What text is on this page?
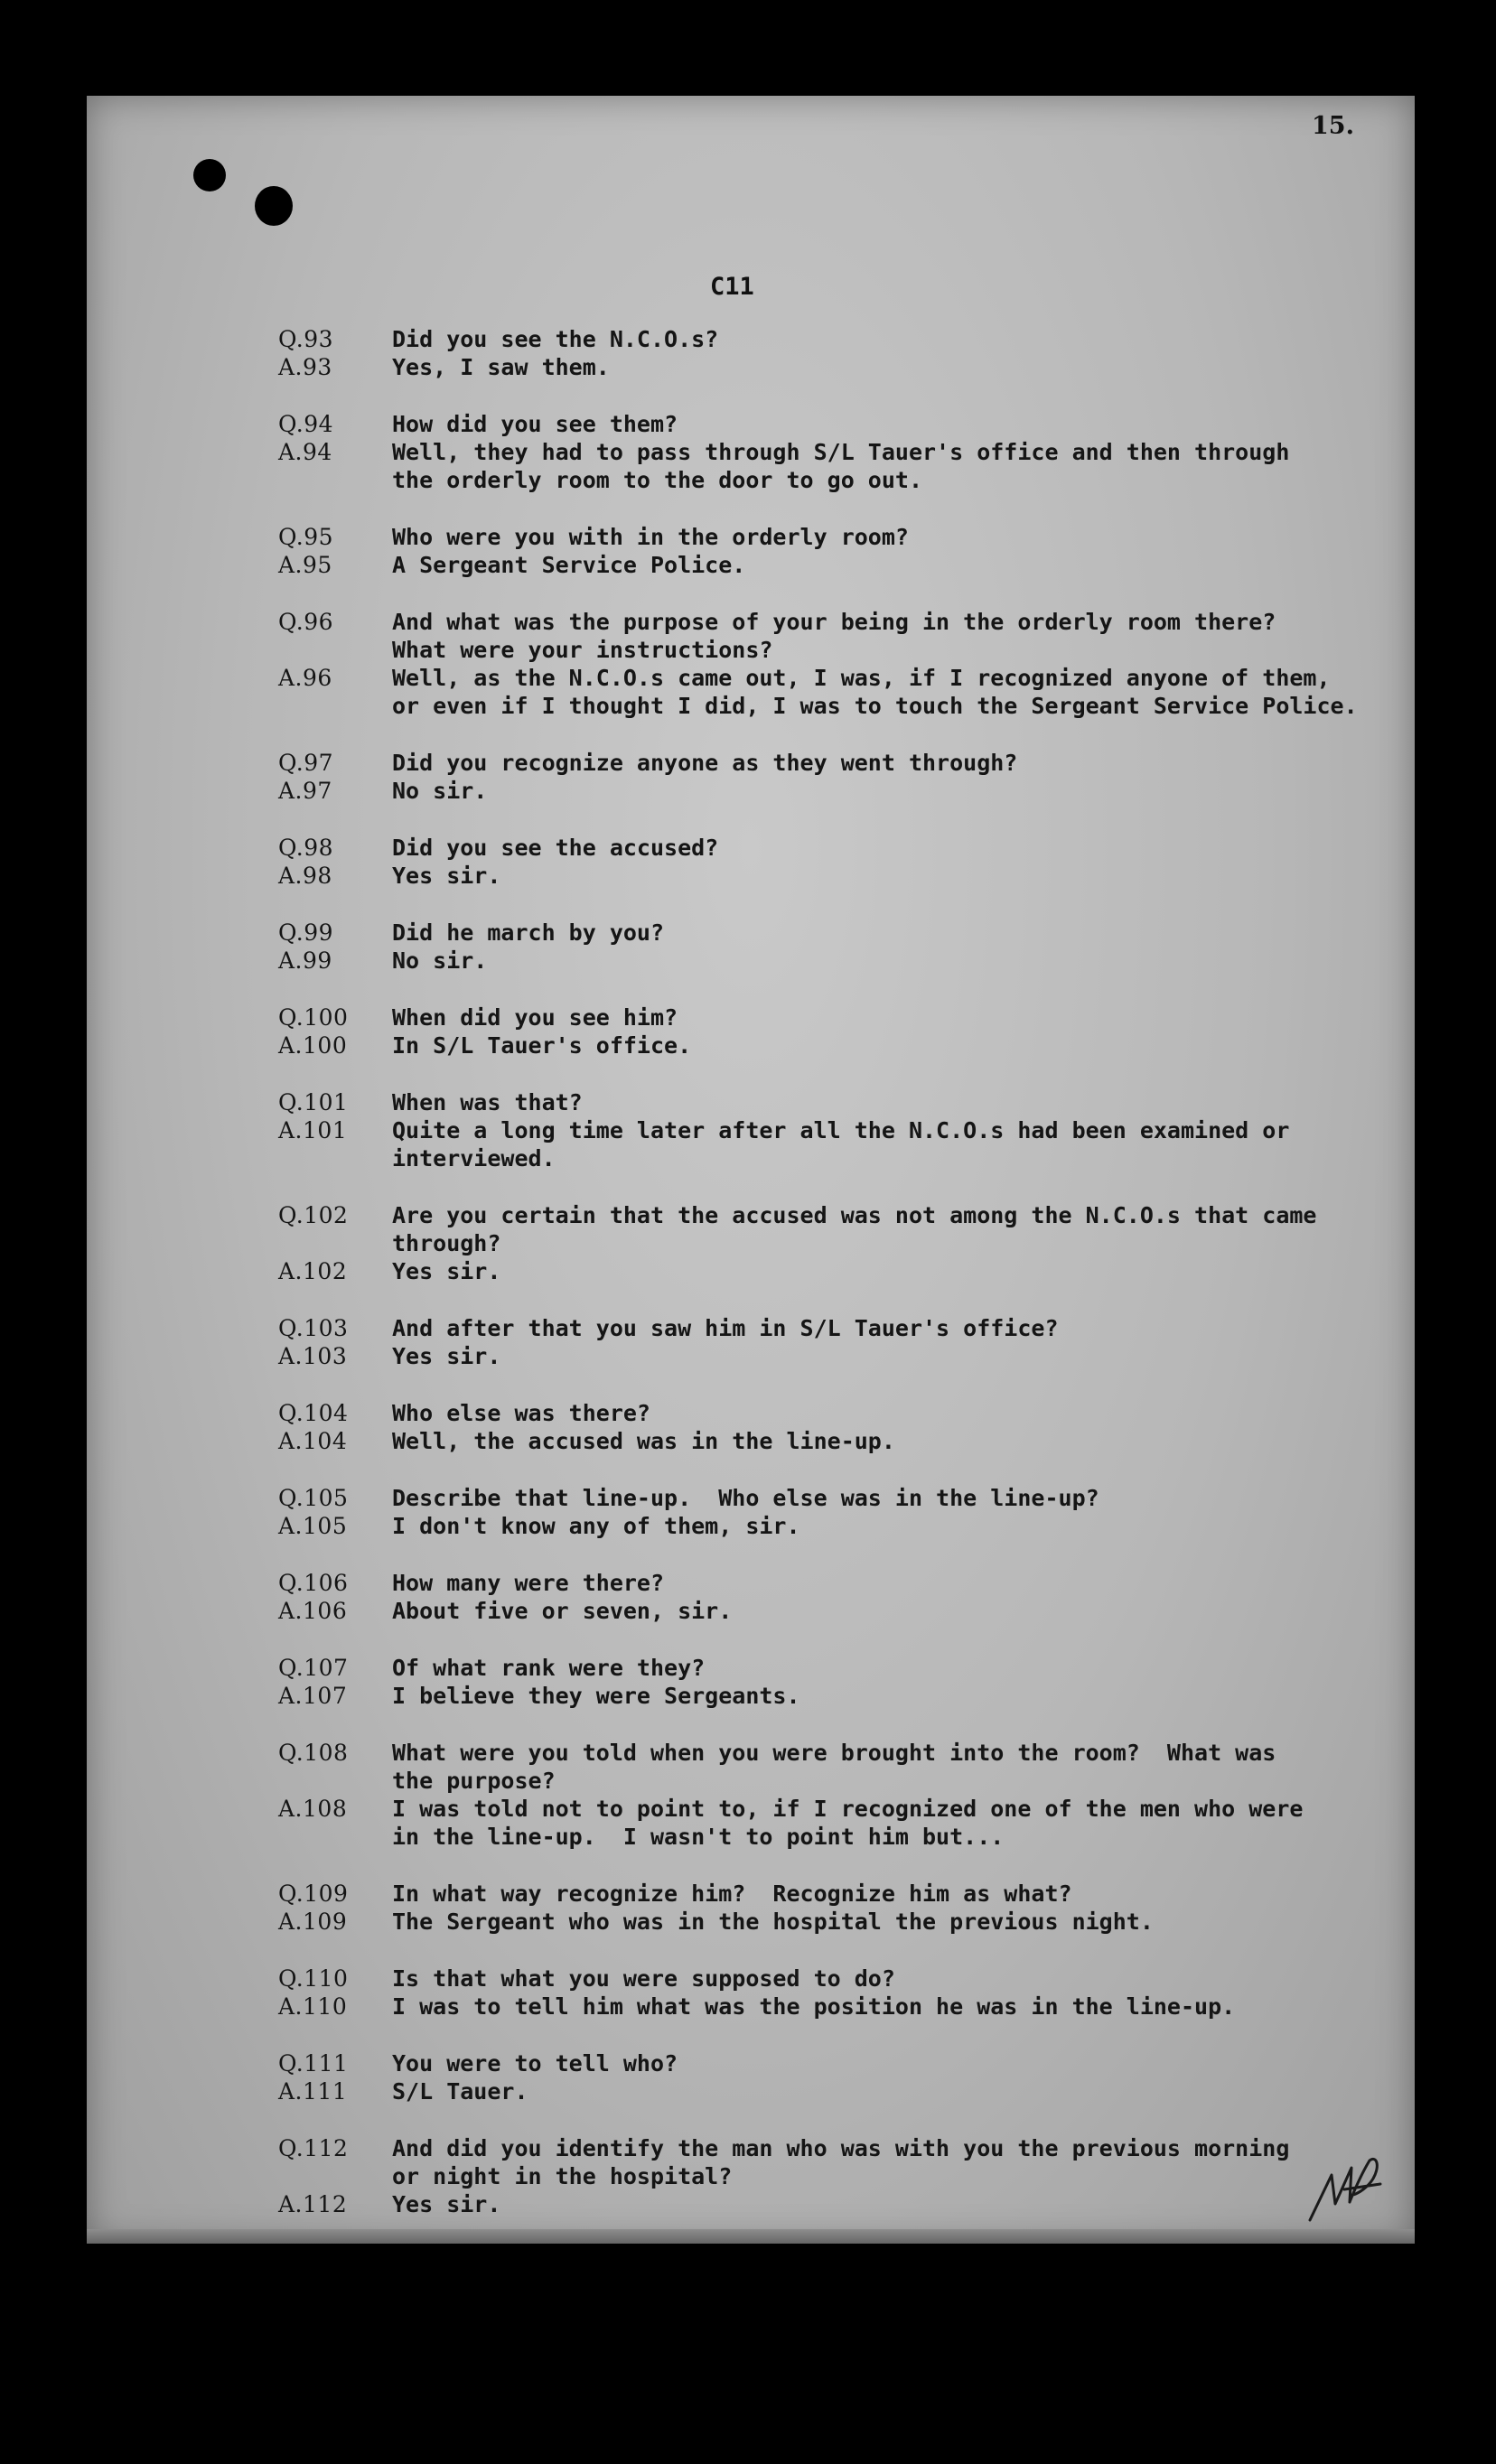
15.
C11
Q.93	Did you see the N.C.O.s?
A.93	Yes, I saw them.
Q.94	How did you see them?
A.94	Well, they had to pass through S/L Tauer's office and then through
the orderly room to the door to go out.
Q.95	Who were you with in the orderly room?
A.95	A Sergeant Service Police.
Q.96	And what was the purpose of your being in the orderly room there?
What were your instructions?
A.96	Well, as the N.C.O.s came out, I was, if I recognized anyone of them,
or even if I thought I did, I was to touch the Sergeant Service Police.
Q.97	Did you recognize anyone as they went through?
A.97	No sir.
Q.98	Did you see the accused?
A.98	Yes sir.
Q.99	Did he march by you?
A.99	No sir.
Q.100	When did you see him?
A.100	In S/L Tauer's office.
Q.101	When was that?
A.101	Quite a long time later after all the N.C.O.s had been examined or
interviewed.
Q.102	Are you certain that the accused was not among the N.C.O.s that came
through?
A.102	Yes sir.
Q.103	And after that you saw him in S/L Tauer's office?
A.103	Yes sir.
Q.104	Who else was there?
A.104	Well, the accused was in the line-up.
Q.105	Describe that line-up.  Who else was in the line-up?
A.105	I don't know any of them, sir.
Q.106	How many were there?
A.106	About five or seven, sir.
Q.107	Of what rank were they?
A.107	I believe they were Sergeants.
Q.108	What were you told when you were brought into the room?  What was
the purpose?
A.108	I was told not to point to, if I recognized one of the men who were
in the line-up.  I wasn't to point him but...
Q.109	In what way recognize him?  Recognize him as what?
A.109	The Sergeant who was in the hospital the previous night.
Q.110	Is that what you were supposed to do?
A.110	I was to tell him what was the position he was in the line-up.
Q.111	You were to tell who?
A.111	S/L Tauer.
Q.112	And did you identify the man who was with you the previous morning
or night in the hospital?
A.112	Yes sir.
